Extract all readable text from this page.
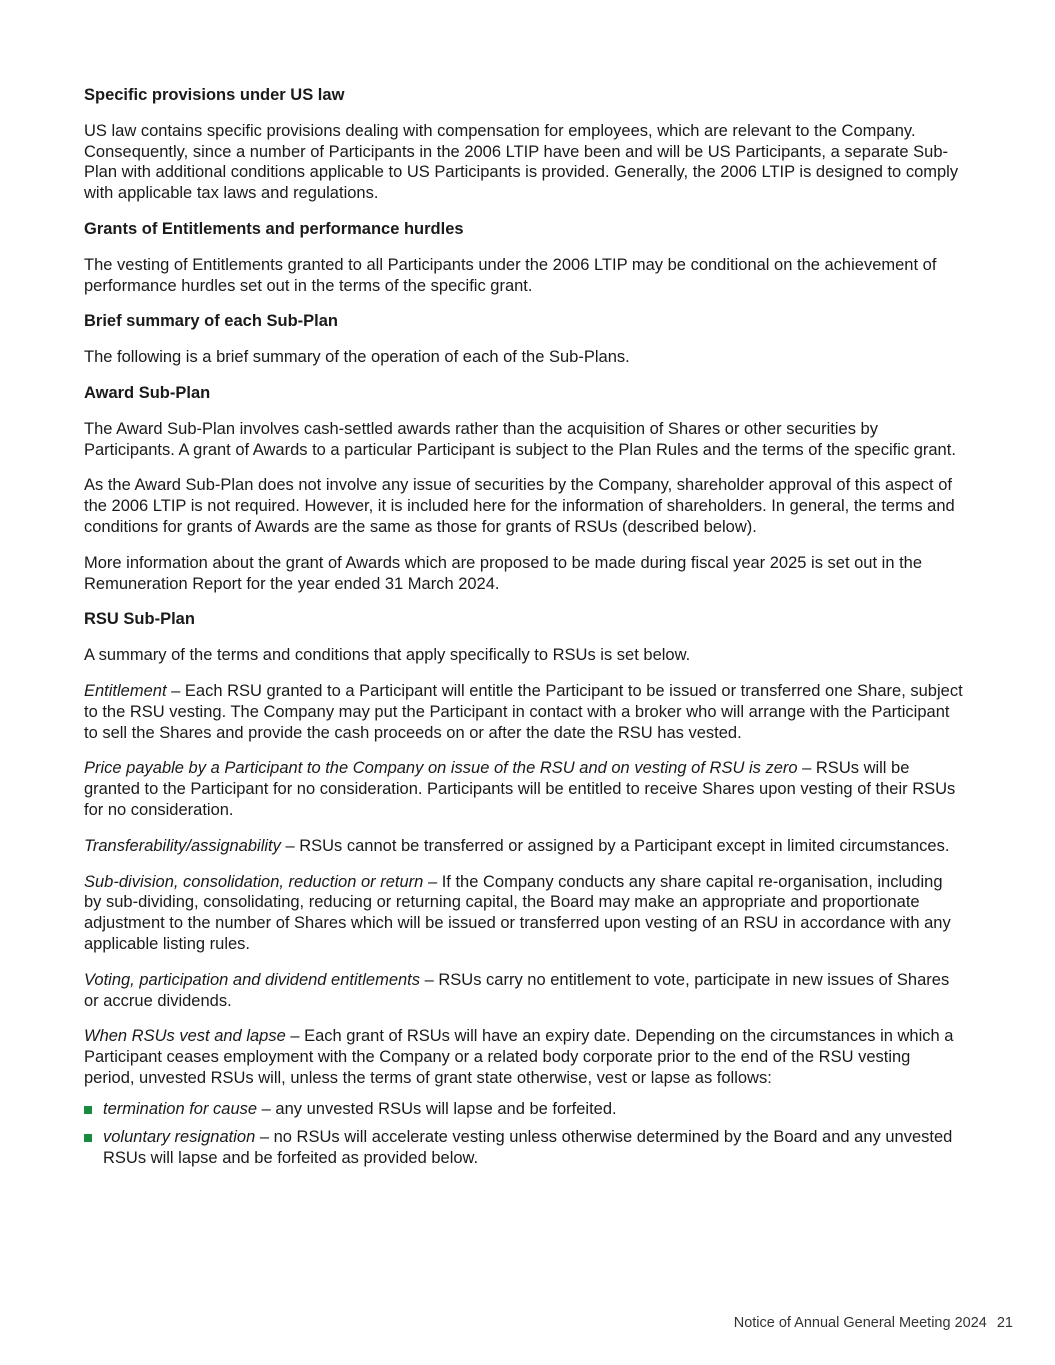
Specific provisions under US law
US law contains specific provisions dealing with compensation for employees, which are relevant to the Company. Consequently, since a number of Participants in the 2006 LTIP have been and will be US Participants, a separate Sub-Plan with additional conditions applicable to US Participants is provided. Generally, the 2006 LTIP is designed to comply with applicable tax laws and regulations.
Grants of Entitlements and performance hurdles
The vesting of Entitlements granted to all Participants under the 2006 LTIP may be conditional on the achievement of performance hurdles set out in the terms of the specific grant.
Brief summary of each Sub-Plan
The following is a brief summary of the operation of each of the Sub-Plans.
Award Sub-Plan
The Award Sub-Plan involves cash-settled awards rather than the acquisition of Shares or other securities by Participants. A grant of Awards to a particular Participant is subject to the Plan Rules and the terms of the specific grant.
As the Award Sub-Plan does not involve any issue of securities by the Company, shareholder approval of this aspect of the 2006 LTIP is not required. However, it is included here for the information of shareholders. In general, the terms and conditions for grants of Awards are the same as those for grants of RSUs (described below).
More information about the grant of Awards which are proposed to be made during fiscal year 2025 is set out in the Remuneration Report for the year ended 31 March 2024.
RSU Sub-Plan
A summary of the terms and conditions that apply specifically to RSUs is set below.
Entitlement – Each RSU granted to a Participant will entitle the Participant to be issued or transferred one Share, subject to the RSU vesting. The Company may put the Participant in contact with a broker who will arrange with the Participant to sell the Shares and provide the cash proceeds on or after the date the RSU has vested.
Price payable by a Participant to the Company on issue of the RSU and on vesting of RSU is zero – RSUs will be granted to the Participant for no consideration. Participants will be entitled to receive Shares upon vesting of their RSUs for no consideration.
Transferability/assignability – RSUs cannot be transferred or assigned by a Participant except in limited circumstances.
Sub-division, consolidation, reduction or return – If the Company conducts any share capital re-organisation, including by sub-dividing, consolidating, reducing or returning capital, the Board may make an appropriate and proportionate adjustment to the number of Shares which will be issued or transferred upon vesting of an RSU in accordance with any applicable listing rules.
Voting, participation and dividend entitlements – RSUs carry no entitlement to vote, participate in new issues of Shares or accrue dividends.
When RSUs vest and lapse – Each grant of RSUs will have an expiry date. Depending on the circumstances in which a Participant ceases employment with the Company or a related body corporate prior to the end of the RSU vesting period, unvested RSUs will, unless the terms of grant state otherwise, vest or lapse as follows:
termination for cause – any unvested RSUs will lapse and be forfeited.
voluntary resignation – no RSUs will accelerate vesting unless otherwise determined by the Board and any unvested RSUs will lapse and be forfeited as provided below.
Notice of Annual General Meeting 2024 21
